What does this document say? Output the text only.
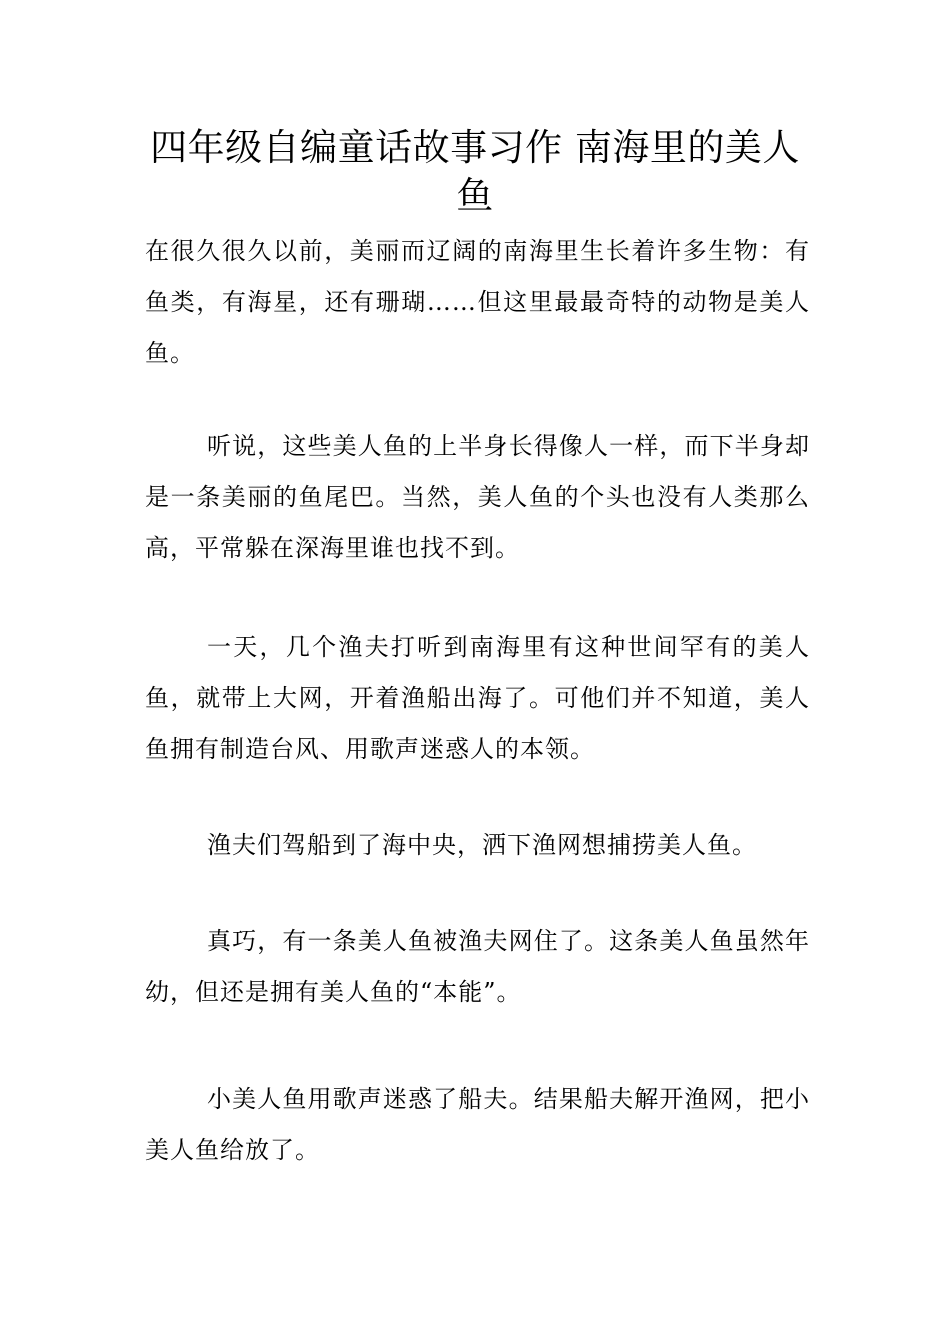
四年级自编童话故事习作 南海里的美人鱼

在很久很久以前，美丽而辽阔的南海里生长着许多生物：有鱼类，有海星，还有珊瑚……但这里最最奇特的动物是美人鱼。

听说，这些美人鱼的上半身长得像人一样，而下半身却是一条美丽的鱼尾巴。当然，美人鱼的个头也没有人类那么高，平常躲在深海里谁也找不到。

一天，几个渔夫打听到南海里有这种世间罕有的美人鱼，就带上大网，开着渔船出海了。可他们并不知道，美人鱼拥有制造台风、用歌声迷惑人的本领。

渔夫们驾船到了海中央，洒下渔网想捕捞美人鱼。

真巧，有一条美人鱼被渔夫网住了。这条美人鱼虽然年幼，但还是拥有美人鱼的“本能”。

小美人鱼用歌声迷惑了船夫。结果船夫解开渔网，把小美人鱼给放了。
